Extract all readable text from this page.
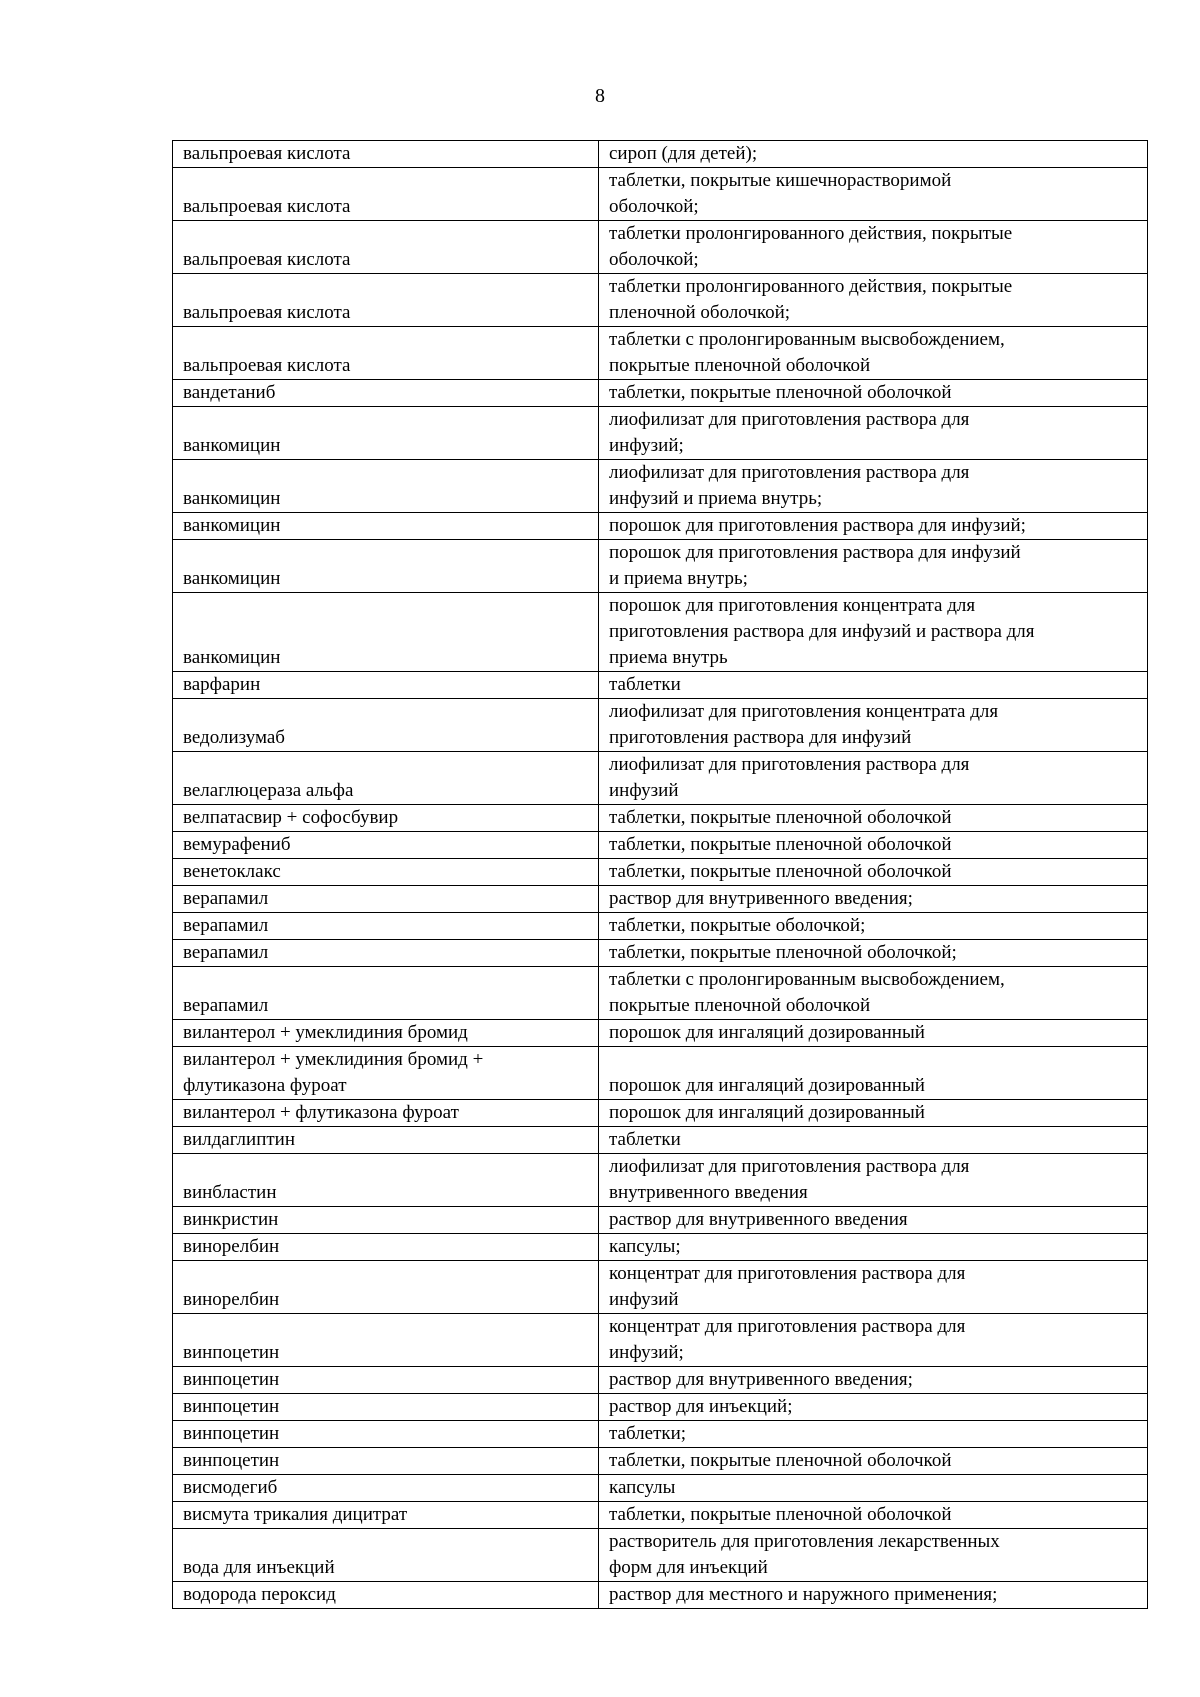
8
вальпроевая кислота	сироп (для детей);

вальпроевая кислота	таблетки, покрытые кишечнорастворимой
оболочкой;

вальпроевая кислота	таблетки пролонгированного действия, покрытые
оболочкой;

вальпроевая кислота	таблетки пролонгированного действия, покрытые
пленочной оболочкой;

вальпроевая кислота	таблетки с пролонгированным высвобождением,
покрытые пленочной оболочкой

вандетаниб	таблетки, покрытые пленочной оболочкой

ванкомицин	лиофилизат для приготовления раствора для
инфузий;

ванкомицин	лиофилизат для приготовления раствора для
инфузий и приема внутрь;

ванкомицин	порошок для приготовления раствора для инфузий;

ванкомицин	порошок для приготовления раствора для инфузий
и приема внутрь;

ванкомицин	порошок для приготовления концентрата для
приготовления раствора для инфузий и раствора для
приема внутрь

варфарин	таблетки

ведолизумаб	лиофилизат для приготовления концентрата для
приготовления раствора для инфузий

велаглюцераза альфа	лиофилизат для приготовления раствора для
инфузий

велпатасвир + софосбувир	таблетки, покрытые пленочной оболочкой

вемурафениб	таблетки, покрытые пленочной оболочкой

венетоклакс	таблетки, покрытые пленочной оболочкой

верапамил	раствор для внутривенного введения;

верапамил	таблетки, покрытые оболочкой;

верапамил	таблетки, покрытые пленочной оболочкой;

верапамил	таблетки с пролонгированным высвобождением,
покрытые пленочной оболочкой

вилантерол + умеклидиния бромид	порошок для ингаляций дозированный

вилантерол + умеклидиния бромид +
флутиказона фуроат	порошок для ингаляций дозированный

вилантерол + флутиказона фуроат	порошок для ингаляций дозированный

вилдаглиптин	таблетки

винбластин	лиофилизат для приготовления раствора для
внутривенного введения

винкристин	раствор для внутривенного введения

винорелбин	капсулы;

винорелбин	концентрат для приготовления раствора для
инфузий

винпоцетин	концентрат для приготовления раствора для
инфузий;

винпоцетин	раствор для внутривенного введения;

винпоцетин	раствор для инъекций;

винпоцетин	таблетки;

винпоцетин	таблетки, покрытые пленочной оболочкой

висмодегиб	капсулы

висмута трикалия дицитрат	таблетки, покрытые пленочной оболочкой

вода для инъекций	растворитель для приготовления лекарственных
форм для инъекций

водорода пероксид	раствор для местного и наружного применения;
